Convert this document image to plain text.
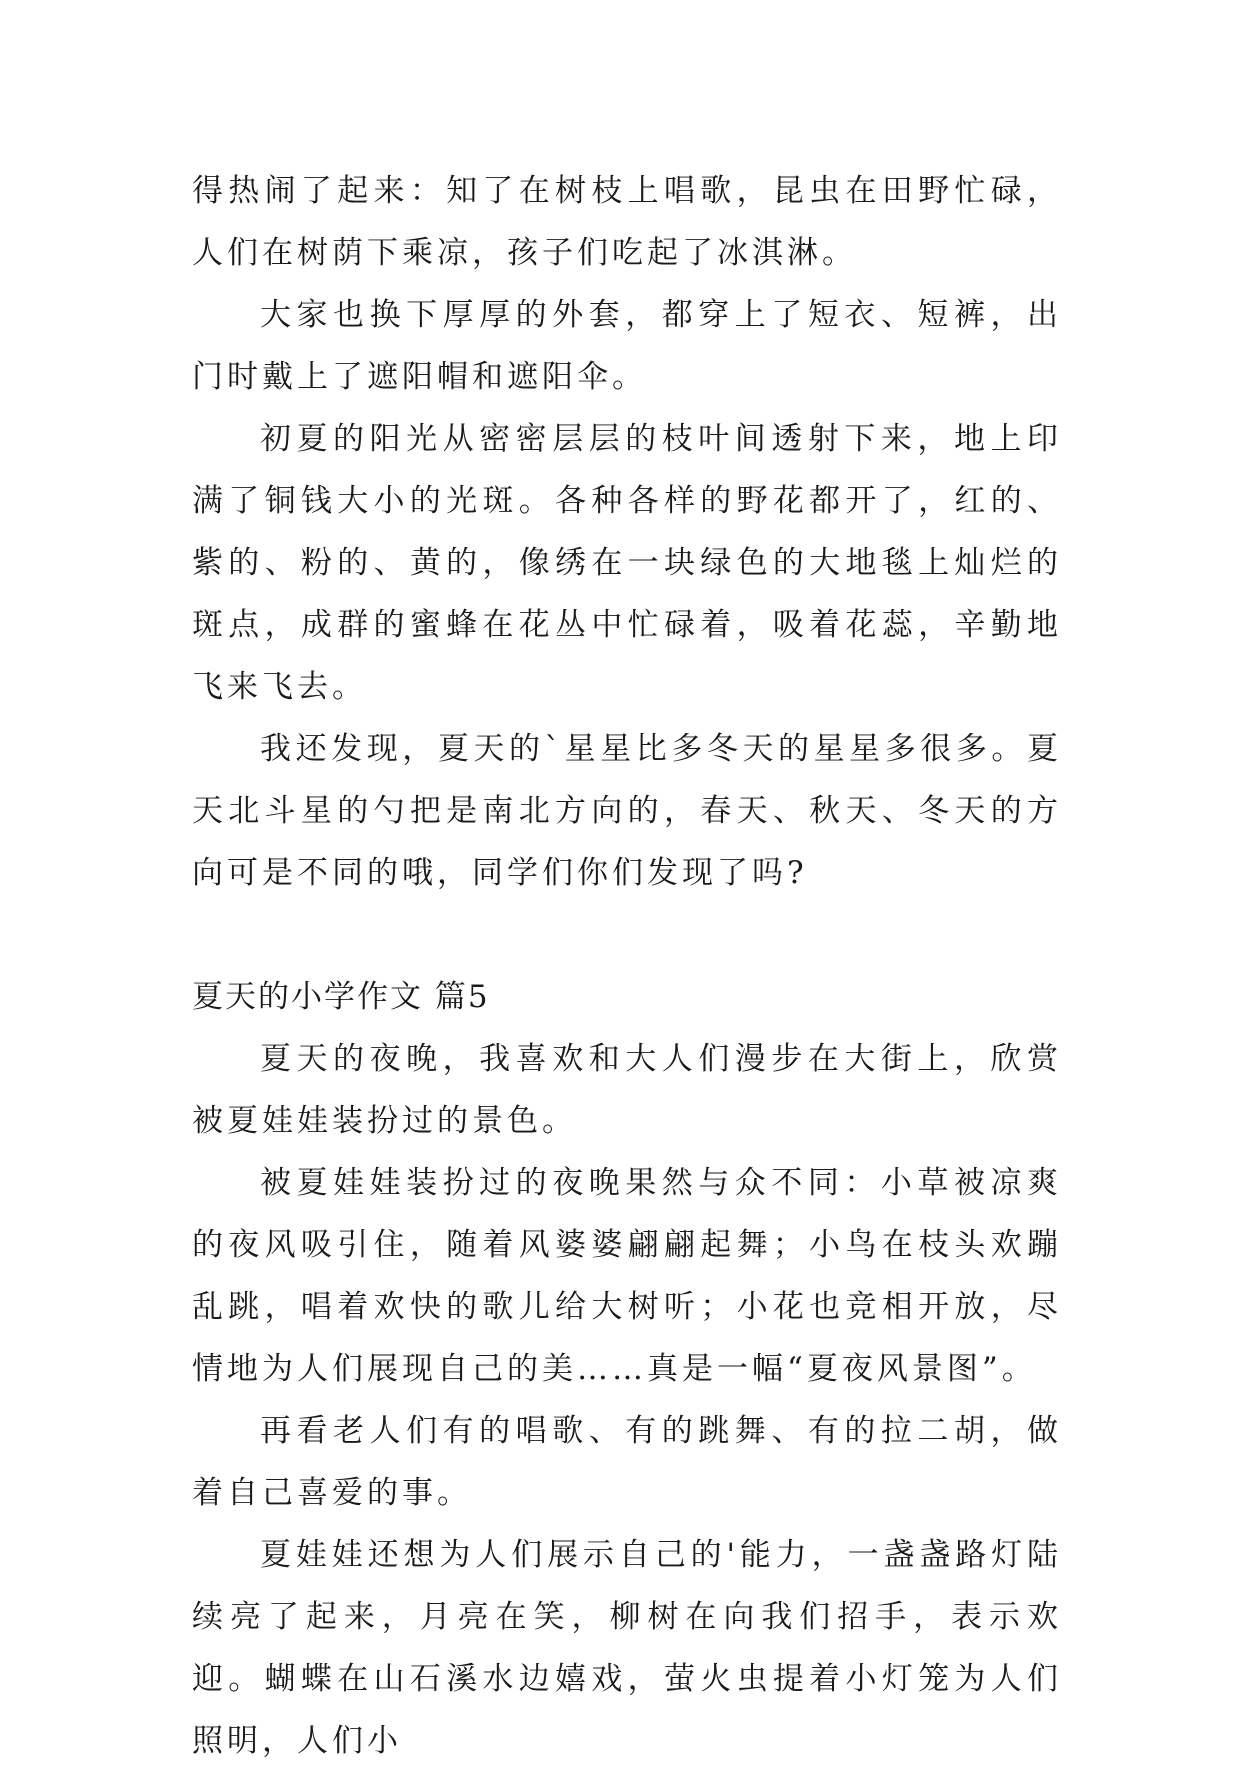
得热闹了起来：知了在树枝上唱歌，昆虫在田野忙碌，人们在树荫下乘凉，孩子们吃起了冰淇淋。

大家也换下厚厚的外套，都穿上了短衣、短裤，出门时戴上了遮阳帽和遮阳伞。

初夏的阳光从密密层层的枝叶间透射下来，地上印满了铜钱大小的光斑。各种各样的野花都开了，红的、紫的、粉的、黄的，像绣在一块绿色的大地毯上灿烂的斑点，成群的蜜蜂在花丛中忙碌着，吸着花蕊，辛勤地飞来飞去。

我还发现，夏天的`星星比多冬天的星星多很多。夏天北斗星的勺把是南北方向的，春天、秋天、冬天的方向可是不同的哦，同学们你们发现了吗?

夏天的小学作文 篇5

夏天的夜晚，我喜欢和大人们漫步在大街上，欣赏被夏娃娃装扮过的景色。

被夏娃娃装扮过的夜晚果然与众不同：小草被凉爽的夜风吸引住，随着风婆婆翩翩起舞；小鸟在枝头欢蹦乱跳，唱着欢快的歌儿给大树听；小花也竞相开放，尽情地为人们展现自己的美……真是一幅“夏夜风景图”。

再看老人们有的唱歌、有的跳舞、有的拉二胡，做着自己喜爱的事。

夏娃娃还想为人们展示自己的'能力，一盏盏路灯陆续亮了起来，月亮在笑，柳树在向我们招手，表示欢迎。蝴蝶在山石溪水边嬉戏，萤火虫提着小灯笼为人们照明，人们小
